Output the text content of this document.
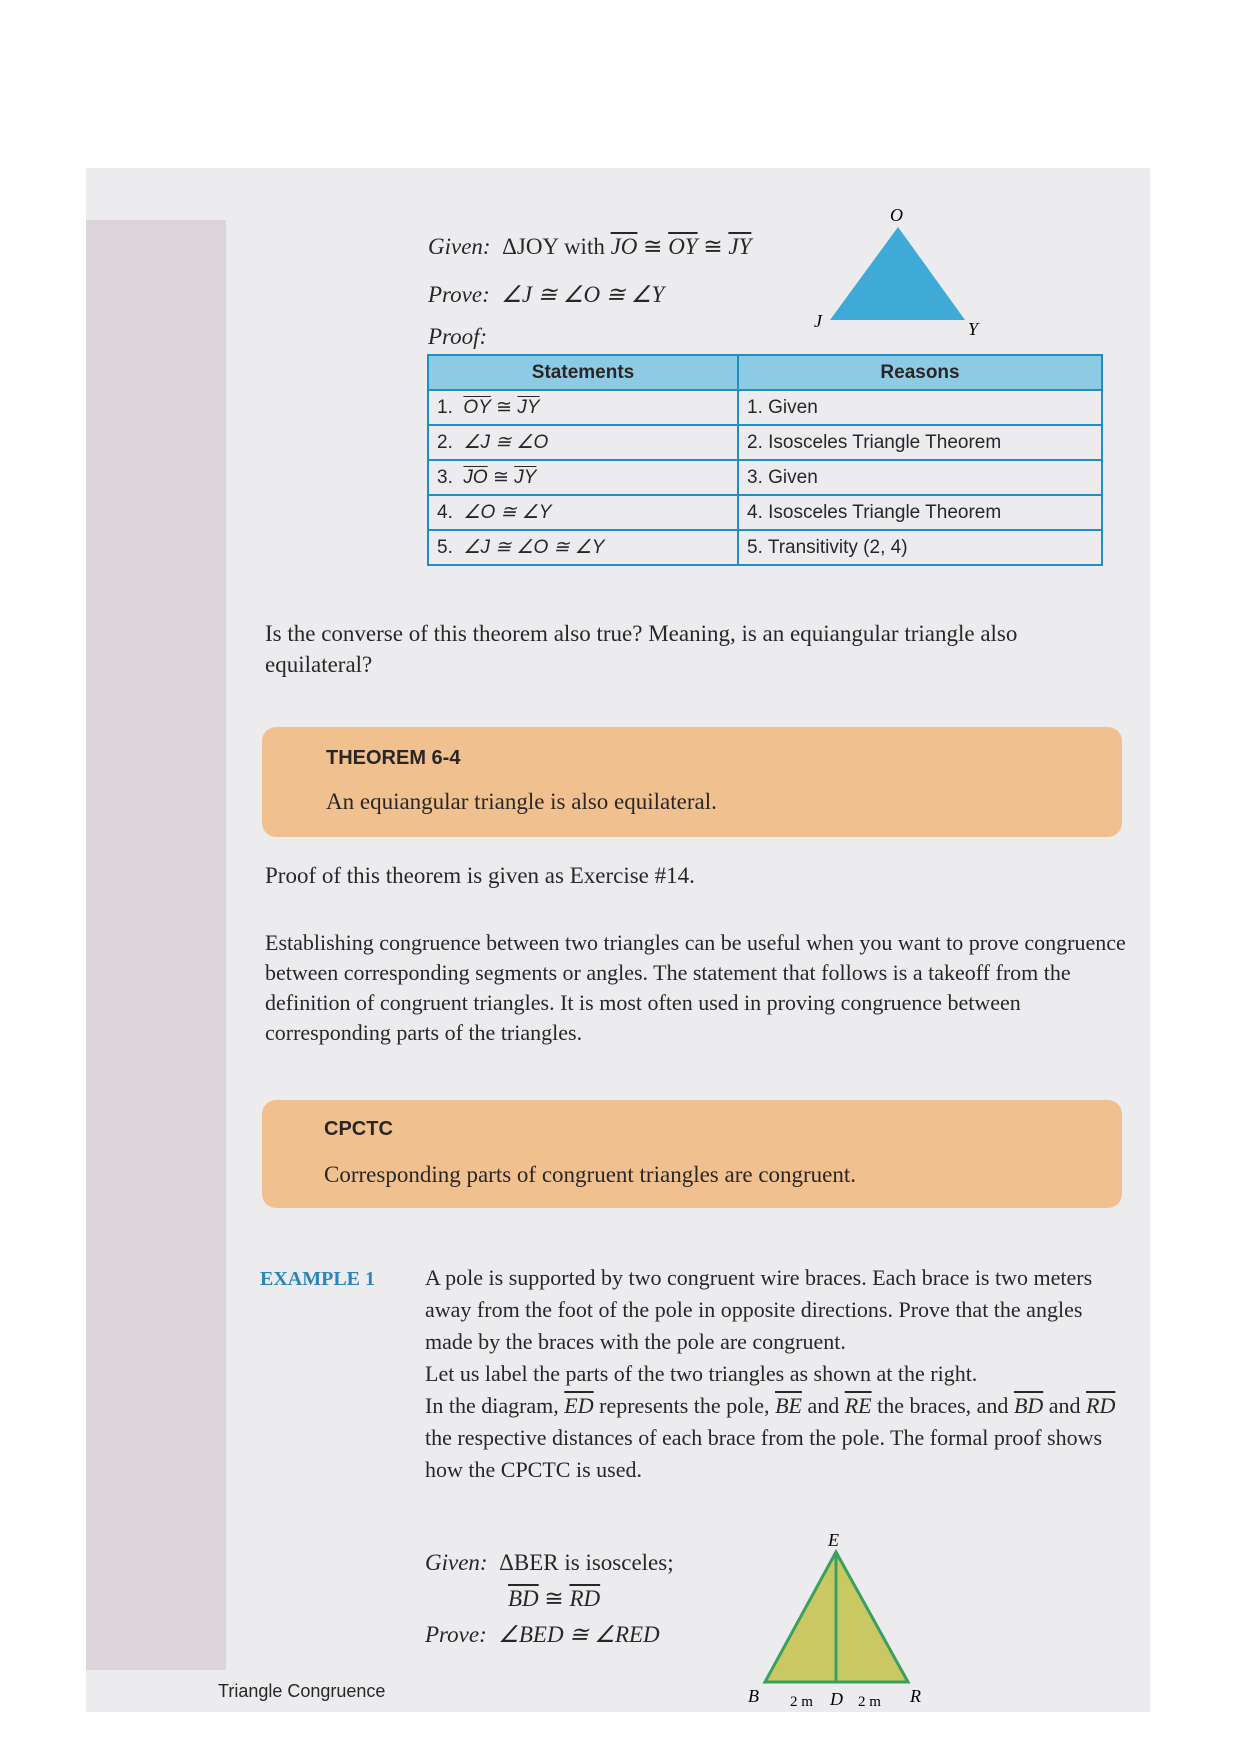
Given: ΔJOY with $\overline{JO}$ ≅ $\overline{OY}$ ≅ $\overline{JY}$
Prove: ∠J ≅ ∠O ≅ ∠Y
Proof:
O
J	Y
Statements	Reasons
1. $\overline{OY}$ ≅ $\overline{JY}$	1. Given
2. ∠J ≅ ∠O	2. Isosceles Triangle Theorem
3. $\overline{JO}$ ≅ $\overline{JY}$	3. Given
4. ∠O ≅ ∠Y	4. Isosceles Triangle Theorem
5. ∠J ≅ ∠O ≅ ∠Y	5. Transitivity (2, 4)

Is the converse of this theorem also true? Meaning, is an equiangular triangle also equilateral?

THEOREM 6-4
An equiangular triangle is also equilateral.

Proof of this theorem is given as Exercise #14.

Establishing congruence between two triangles can be useful when you want to prove congruence between corresponding segments or angles. The statement that follows is a takeoff from the definition of congruent triangles. It is most often used in proving congruence between corresponding parts of the triangles.

CPCTC
Corresponding parts of congruent triangles are congruent.
EXAMPLE 1 A pole is supported by two congruent wire braces. Each brace is two meters away from the foot of the pole in opposite directions. Prove that the angles made by the braces with the pole are congruent.

Let us label the parts of the two triangles as shown at the right.

In the diagram, $\overline{ED}$ represents the pole, $\overline{BE}$ and $\overline{RE}$ the braces, and $\overline{BD}$ and $\overline{RD}$ the respective distances of each brace from the pole. The formal proof shows how the CPCTC is used.

Given: ΔBER is isosceles;
$\overline{BD}$ ≅ $\overline{RD}$
Prove: ∠BED ≅ ∠RED
E
B	D	R
2 m	2 m
Triangle Congruence
